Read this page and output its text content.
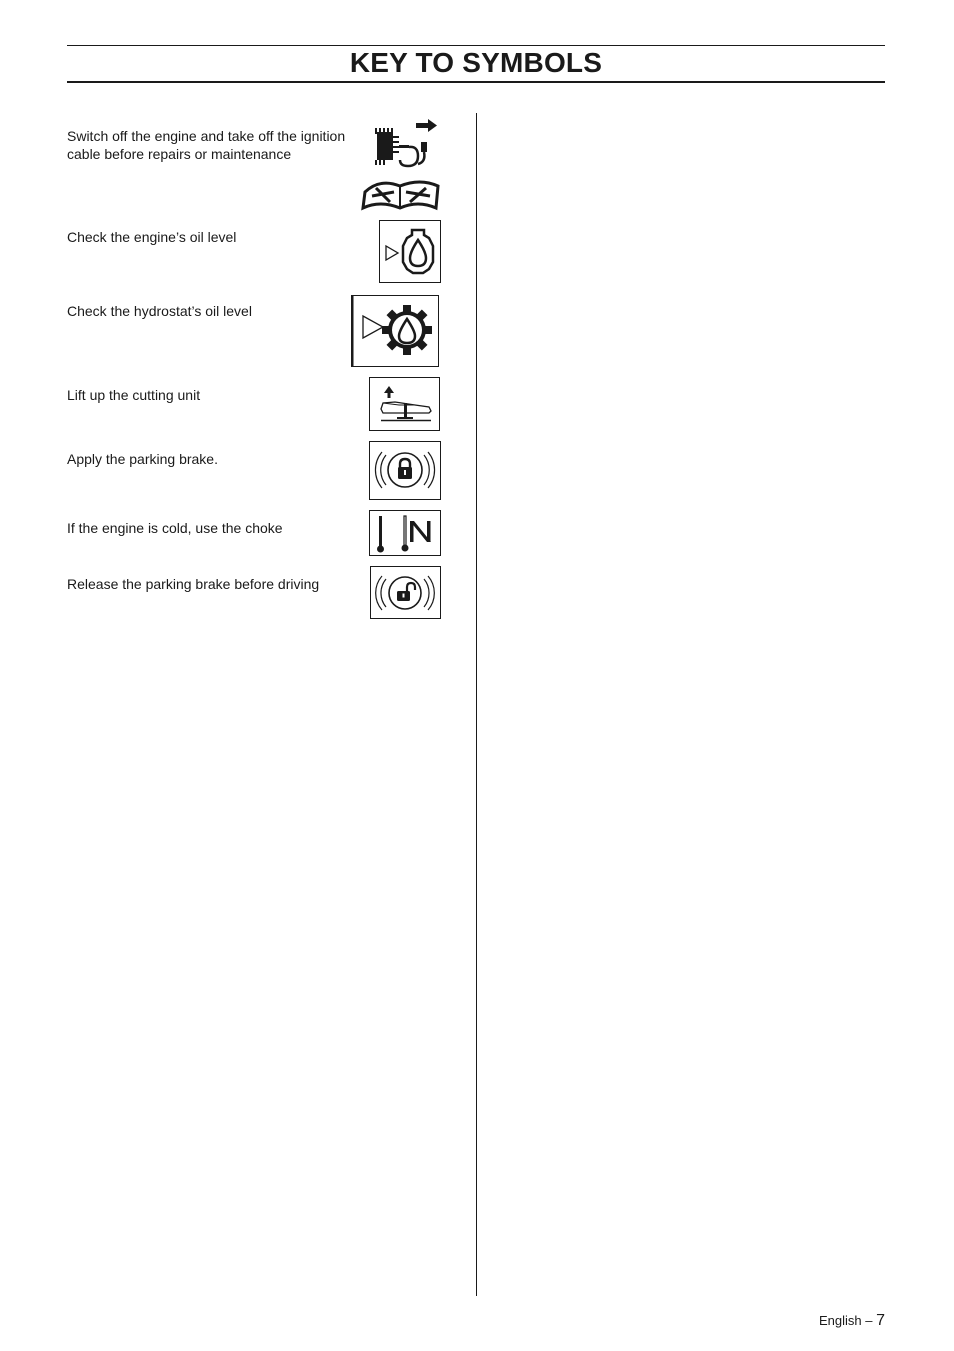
KEY TO SYMBOLS
Switch off the engine and take off the ignition cable before repairs or maintenance
Check the engine’s oil level
Check the hydrostat’s oil level
Lift up the cutting unit
Apply the parking brake.
If the engine is cold, use the choke
Release the parking brake before driving
English – 7
